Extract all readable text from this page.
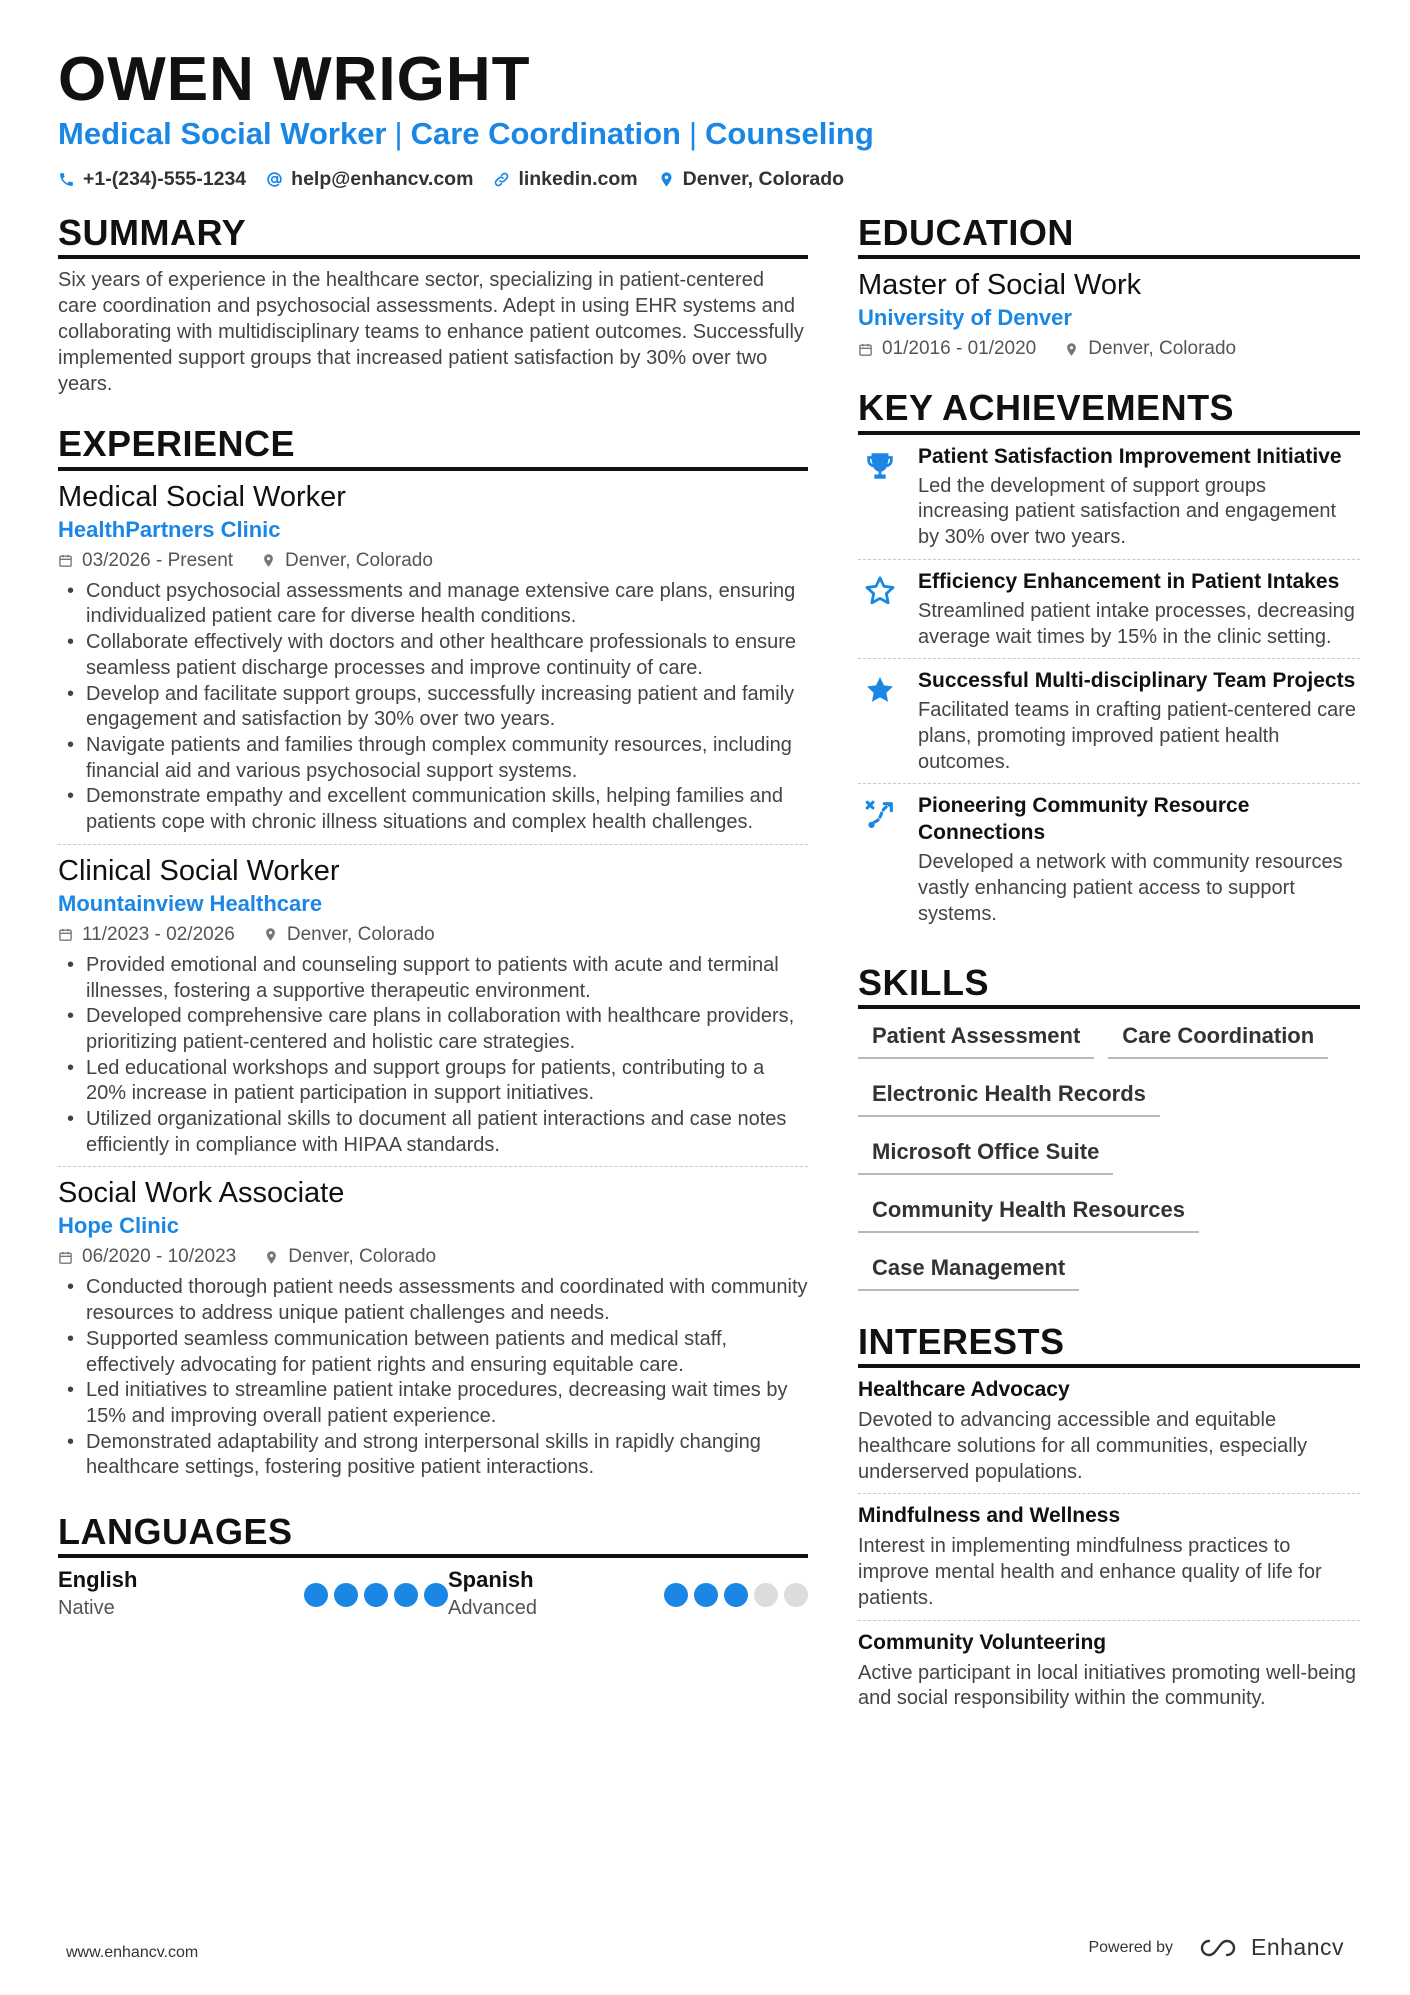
OWEN WRIGHT
Medical Social Worker | Care Coordination | Counseling
+1-(234)-555-1234 help@enhancv.com linkedin.com Denver, Colorado
SUMMARY
Six years of experience in the healthcare sector, specializing in patient-centered care coordination and psychosocial assessments. Adept in using EHR systems and collaborating with multidisciplinary teams to enhance patient outcomes. Successfully implemented support groups that increased patient satisfaction by 30% over two years.
EXPERIENCE
Medical Social Worker
HealthPartners Clinic
03/2026 - Present	Denver, Colorado
• Conduct psychosocial assessments and manage extensive care plans, ensuring individualized patient care for diverse health conditions.
• Collaborate effectively with doctors and other healthcare professionals to ensure seamless patient discharge processes and improve continuity of care.
• Develop and facilitate support groups, successfully increasing patient and family engagement and satisfaction by 30% over two years.
• Navigate patients and families through complex community resources, including financial aid and various psychosocial support systems.
• Demonstrate empathy and excellent communication skills, helping families and patients cope with chronic illness situations and complex health challenges.
Clinical Social Worker
Mountainview Healthcare
11/2023 - 02/2026	Denver, Colorado
• Provided emotional and counseling support to patients with acute and terminal illnesses, fostering a supportive therapeutic environment.
• Developed comprehensive care plans in collaboration with healthcare providers, prioritizing patient-centered and holistic care strategies.
• Led educational workshops and support groups for patients, contributing to a 20% increase in patient participation in support initiatives.
• Utilized organizational skills to document all patient interactions and case notes efficiently in compliance with HIPAA standards.
Social Work Associate
Hope Clinic
06/2020 - 10/2023	Denver, Colorado
• Conducted thorough patient needs assessments and coordinated with community resources to address unique patient challenges and needs.
• Supported seamless communication between patients and medical staff, effectively advocating for patient rights and ensuring equitable care.
• Led initiatives to streamline patient intake procedures, decreasing wait times by 15% and improving overall patient experience.
• Demonstrated adaptability and strong interpersonal skills in rapidly changing healthcare settings, fostering positive patient interactions.
LANGUAGES
English
Native
Spanish
Advanced
EDUCATION
Master of Social Work
University of Denver
01/2016 - 01/2020	Denver, Colorado
KEY ACHIEVEMENTS
Patient Satisfaction Improvement Initiative
Led the development of support groups increasing patient satisfaction and engagement by 30% over two years.
Efficiency Enhancement in Patient Intakes
Streamlined patient intake processes, decreasing average wait times by 15% in the clinic setting.
Successful Multi-disciplinary Team Projects
Facilitated teams in crafting patient-centered care plans, promoting improved patient health outcomes.
Pioneering Community Resource Connections
Developed a network with community resources vastly enhancing patient access to support systems.
SKILLS
Patient Assessment	Care Coordination
Electronic Health Records
Microsoft Office Suite
Community Health Resources
Case Management
INTERESTS
Healthcare Advocacy
Devoted to advancing accessible and equitable healthcare solutions for all communities, especially underserved populations.
Mindfulness and Wellness
Interest in implementing mindfulness practices to improve mental health and enhance quality of life for patients.
Community Volunteering
Active participant in local initiatives promoting well-being and social responsibility within the community.
www.enhancv.com	Powered by	Enhancv
